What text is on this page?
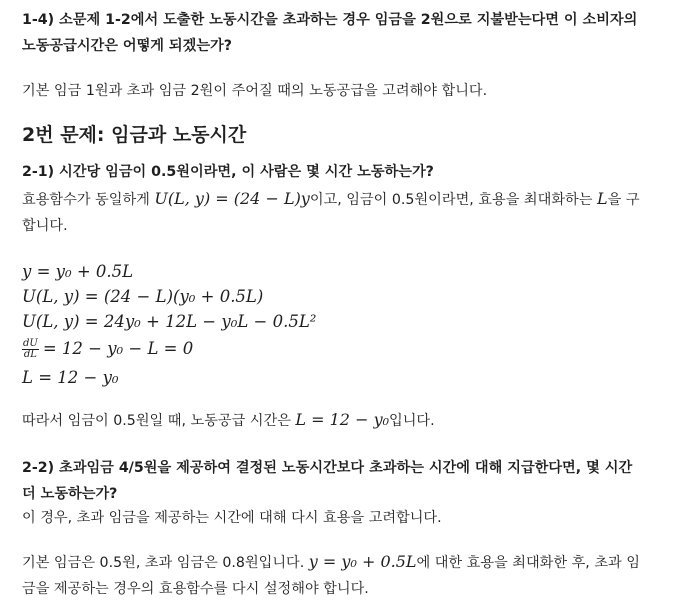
1-4) 소문제 1-2에서 도출한 노동시간을 초과하는 경우 임금을 2원으로 지불받는다면 이 소비자의
노동공급시간은 어떻게 되겠는가?
기본 임금 1원과 초과 임금 2원이 주어질 때의 노동공급을 고려해야 합니다.
2번 문제: 임금과 노동시간
2-1) 시간당 임금이 0.5원이라면, 이 사람은 몇 시간 노동하는가?
효용함수가 동일하게 U(L, y) = (24 − L)y이고, 임금이 0.5원이라면, 효용을 최대화하는 L을 구
합니다.
y = y₀ + 0.5L
U(L, y) = (24 − L)(y₀ + 0.5L)
U(L, y) = 24y₀ + 12L − y₀L − 0.5L²
$\frac{dU}{dL} = 12 - y_0 - L = 0$
L = 12 − y₀
따라서 임금이 0.5원일 때, 노동공급 시간은 L = 12 − y₀입니다.
2-2) 초과임금 4/5원을 제공하여 결정된 노동시간보다 초과하는 시간에 대해 지급한다면, 몇 시간
더 노동하는가?
이 경우, 초과 임금을 제공하는 시간에 대해 다시 효용을 고려합니다.
기본 임금은 0.5원, 초과 임금은 0.8원입니다. y = y₀ + 0.5L에 대한 효용을 최대화한 후, 초과 임
금을 제공하는 경우의 효용함수를 다시 설정해야 합니다.
